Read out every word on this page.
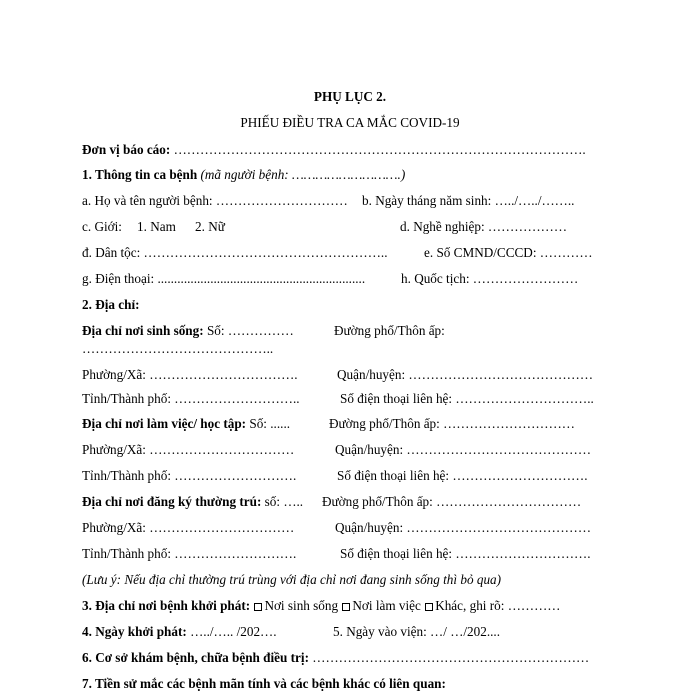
PHỤ LỤC 2.
PHIẾU ĐIỀU TRA CA MẮC COVID-19
Đơn vị báo cáo: ………………………………………………………………………………….
1. Thông tin ca bệnh (mã người bệnh: ……………………….)
a. Họ và tên người bệnh: ………………………… b. Ngày tháng năm sinh: …../…../……..
c. Giới: 1. Nam 2. Nữ	d. Nghề nghiệp: ………………
đ. Dân tộc: ………………………………………………..	e. Số CMND/CCCD: …………
g. Điện thoại: ...............................................................	h. Quốc tịch: ……………………
2. Địa chỉ:
Địa chỉ nơi sinh sống: Số: ……………	Đường phố/Thôn ấp:
……………………………………..
Phường/Xã: …………………………….	Quận/huyện: ……………………………………
Tỉnh/Thành phố: ………………………..	Số điện thoại liên hệ: …………………………..
Địa chỉ nơi làm việc/ học tập: Số: ......	Đường phố/Thôn ấp: …………………………
Phường/Xã: ……………………………	Quận/huyện: ……………………………………
Tỉnh/Thành phố: ……………………….	Số điện thoại liên hệ: ………………………….
Địa chỉ nơi đăng ký thường trú: số: ….. Đường phố/Thôn ấp: ……………………………
Phường/Xã: ……………………………	Quận/huyện: ……………………………………
Tỉnh/Thành phố: ……………………….	Số điện thoại liên hệ: ………………………….
(Lưu ý: Nếu địa chỉ thường trú trùng với địa chỉ nơi đang sinh sống thì bỏ qua)
3. Địa chỉ nơi bệnh khởi phát: Nơi sinh sống Nơi làm việc Khác, ghi rõ: …………
4. Ngày khởi phát: …../….. /202….	5. Ngày vào viện: …/ …/202....
6. Cơ sở khám bệnh, chữa bệnh điều trị: ………………………………………………………
7. Tiền sử mắc các bệnh mãn tính và các bệnh khác có liên quan:
